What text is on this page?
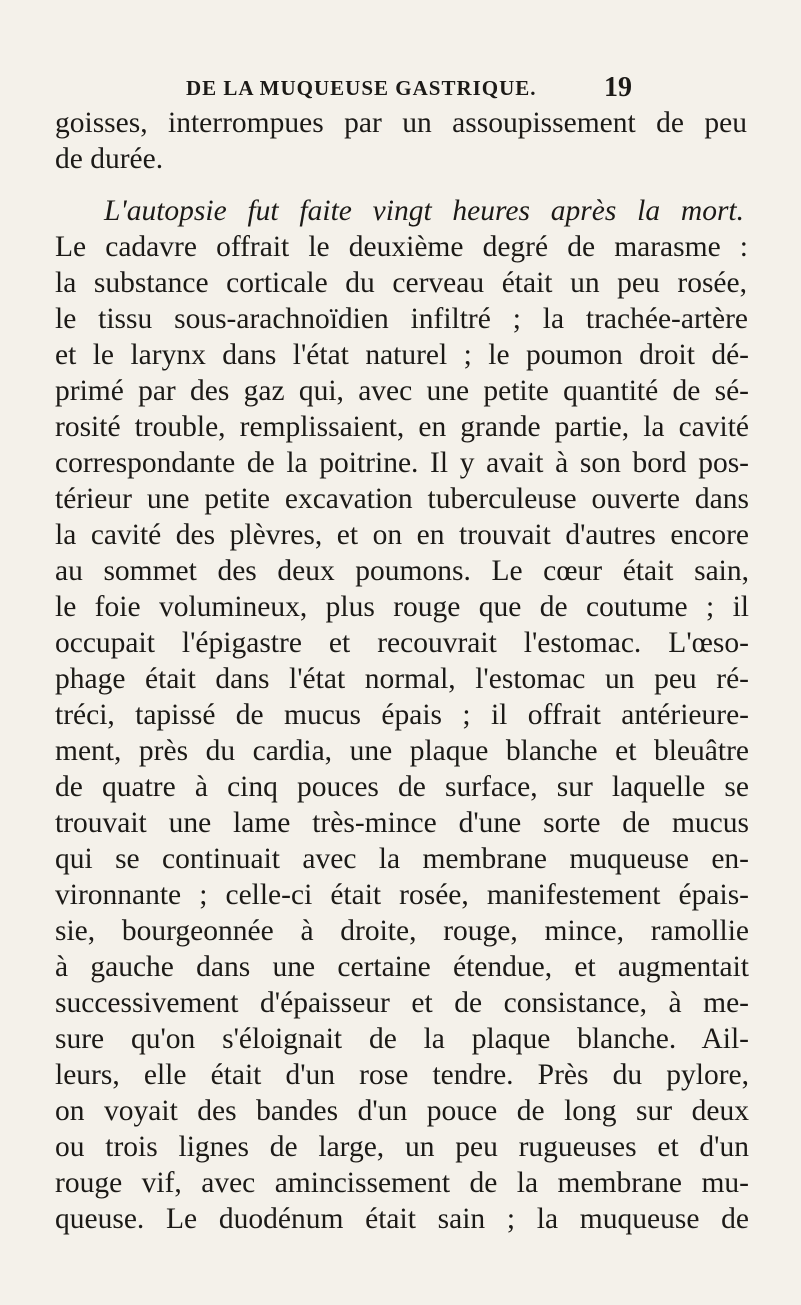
DE LA MUQUEUSE GASTRIQUE.	19
goisses, interrompues par un assoupissement de peu
de durée.
L'autopsie fut faite vingt heures après la mort.
Le cadavre offrait le deuxième degré de marasme :
la substance corticale du cerveau était un peu rosée,
le tissu sous-arachnoïdien infiltré ; la trachée-artère
et le larynx dans l'état naturel ; le poumon droit dé-
primé par des gaz qui, avec une petite quantité de sé-
rosité trouble, remplissaient, en grande partie, la cavité
correspondante de la poitrine. Il y avait à son bord pos-
térieur une petite excavation tuberculeuse ouverte dans
la cavité des plèvres, et on en trouvait d'autres encore
au sommet des deux poumons. Le cœur était sain,
le foie volumineux, plus rouge que de coutume ; il
occupait l'épigastre et recouvrait l'estomac. L'œso-
phage était dans l'état normal, l'estomac un peu ré-
tréci, tapissé de mucus épais ; il offrait antérieure-
ment, près du cardia, une plaque blanche et bleuâtre
de quatre à cinq pouces de surface, sur laquelle se
trouvait une lame très-mince d'une sorte de mucus
qui se continuait avec la membrane muqueuse en-
vironnante ; celle-ci était rosée, manifestement épais-
sie, bourgeonnée à droite, rouge, mince, ramollie
à gauche dans une certaine étendue, et augmentait
successivement d'épaisseur et de consistance, à me-
sure qu'on s'éloignait de la plaque blanche. Ail-
leurs, elle était d'un rose tendre. Près du pylore,
on voyait des bandes d'un pouce de long sur deux
ou trois lignes de large, un peu rugueuses et d'un
rouge vif, avec amincissement de la membrane mu-
queuse. Le duodénum était sain ; la muqueuse de
